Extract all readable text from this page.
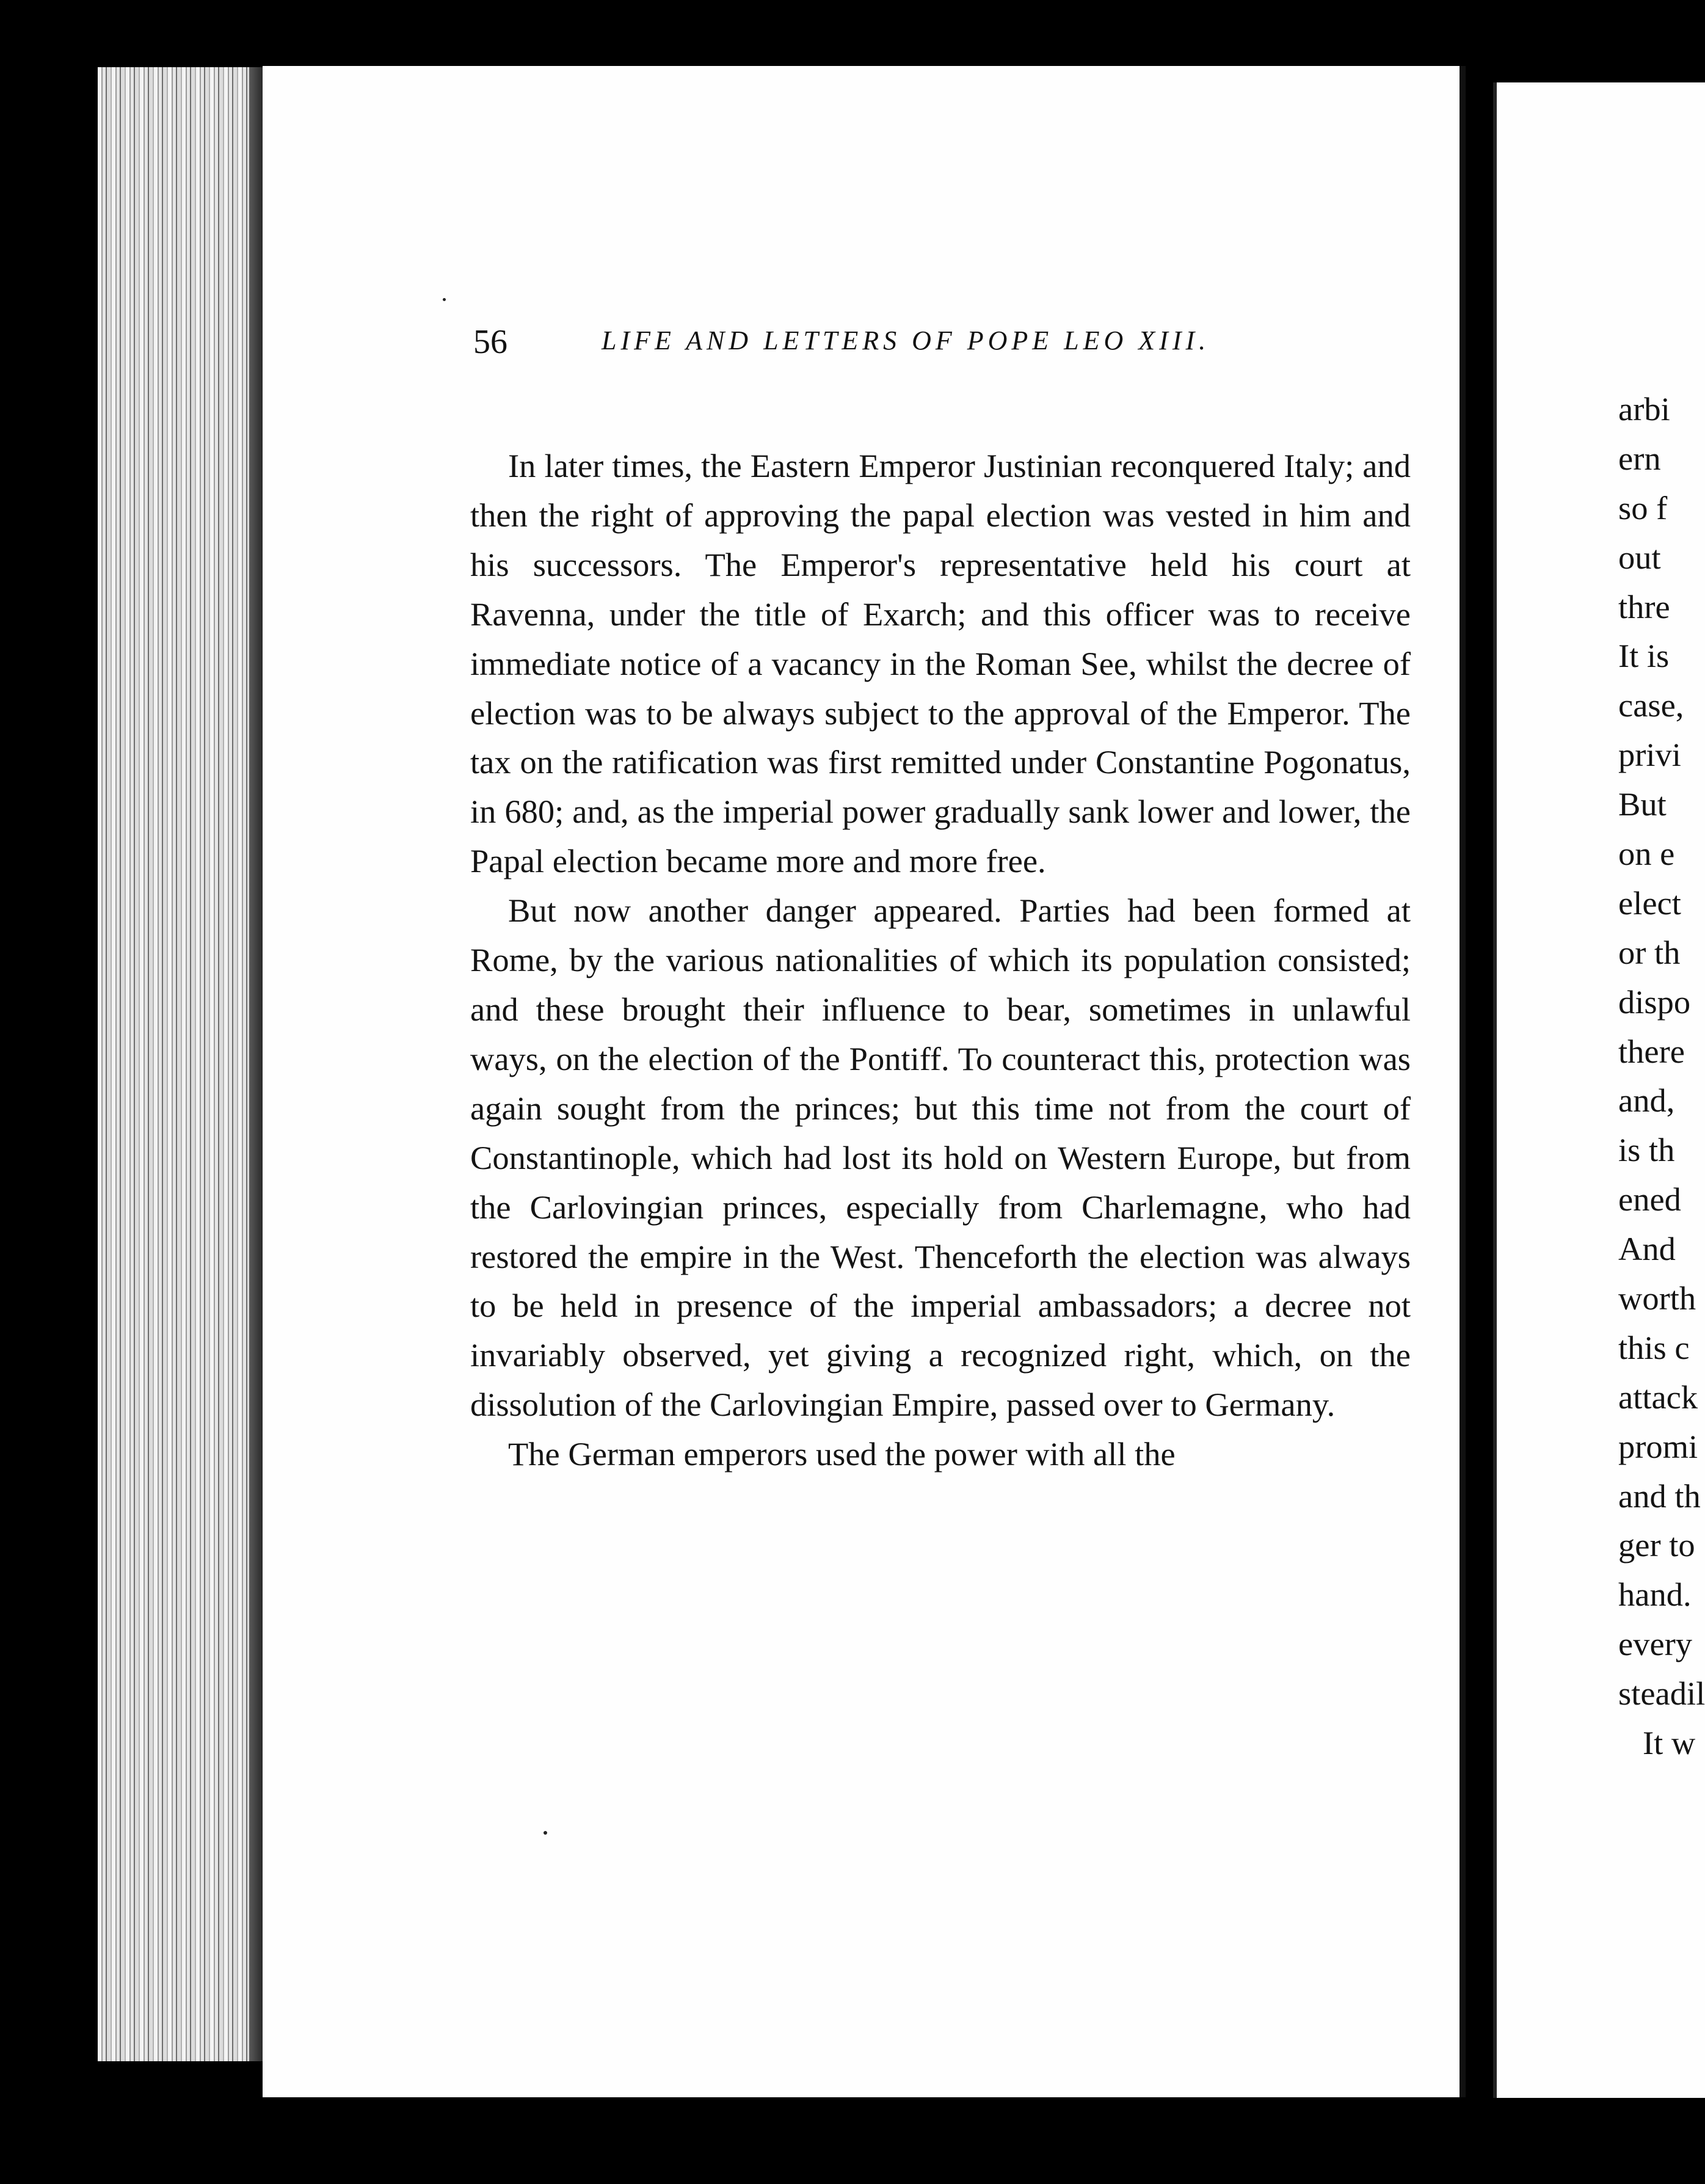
56	LIFE AND LETTERS OF POPE LEO XIII.

In later times, the Eastern Emperor Justinian reconquered Italy; and then the right of approving the papal election was vested in him and his successors. The Emperor's representative held his court at Ravenna, under the title of Exarch; and this officer was to receive immediate notice of a vacancy in the Roman See, whilst the decree of election was to be always subject to the approval of the Emperor. The tax on the ratification was first remitted under Constantine Pogonatus, in 680; and, as the imperial power gradually sank lower and lower, the Papal election became more and more free.

But now another danger appeared. Parties had been formed at Rome, by the various nationalities of which its population consisted; and these brought their influence to bear, sometimes in unlawful ways, on the election of the Pontiff. To counteract this, protection was again sought from the princes; but this time not from the court of Constantinople, which had lost its hold on Western Europe, but from the Carlovingian princes, especially from Charlemagne, who had restored the empire in the West. Thenceforth the election was always to be held in presence of the imperial ambassadors; a decree not invariably observed, yet giving a recognized right, which, on the dissolution of the Carlovingian Empire, passed over to Germany.

The German emperors used the power with all the

arbi
ern
so f
out
thre
It is
case,
privi
But
on e
elect
or th
dispo
there
and,
is th
ened
And
worth
this c
attack
promi
and th
ger to
hand.
every
steadil
It w
